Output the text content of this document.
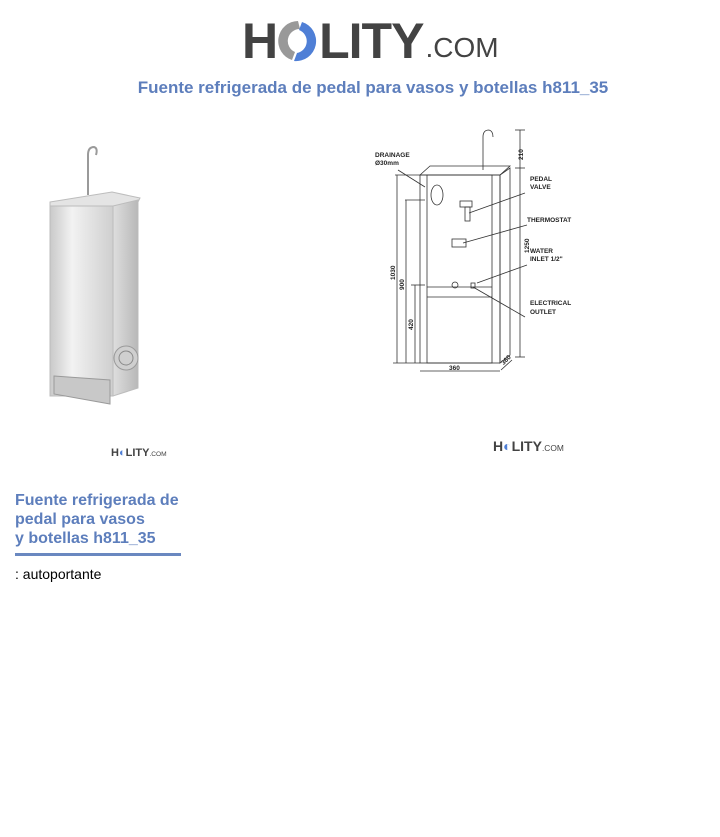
H LITY .COM
Fuente refrigerada de pedal para vasos y botellas h811_35
H ◐ LITY .COM
DRAINAGE
Ø30mm
PEDAL
VALVE
THERMOSTAT
WATER
INLET 1/2"
ELECTRICAL
OUTLET
210
1250
1030
900
420
360
360
H ◐ LITY .COM
Fuente refrigerada de
pedal para vasos
y botellas h811_35
: autoportante
